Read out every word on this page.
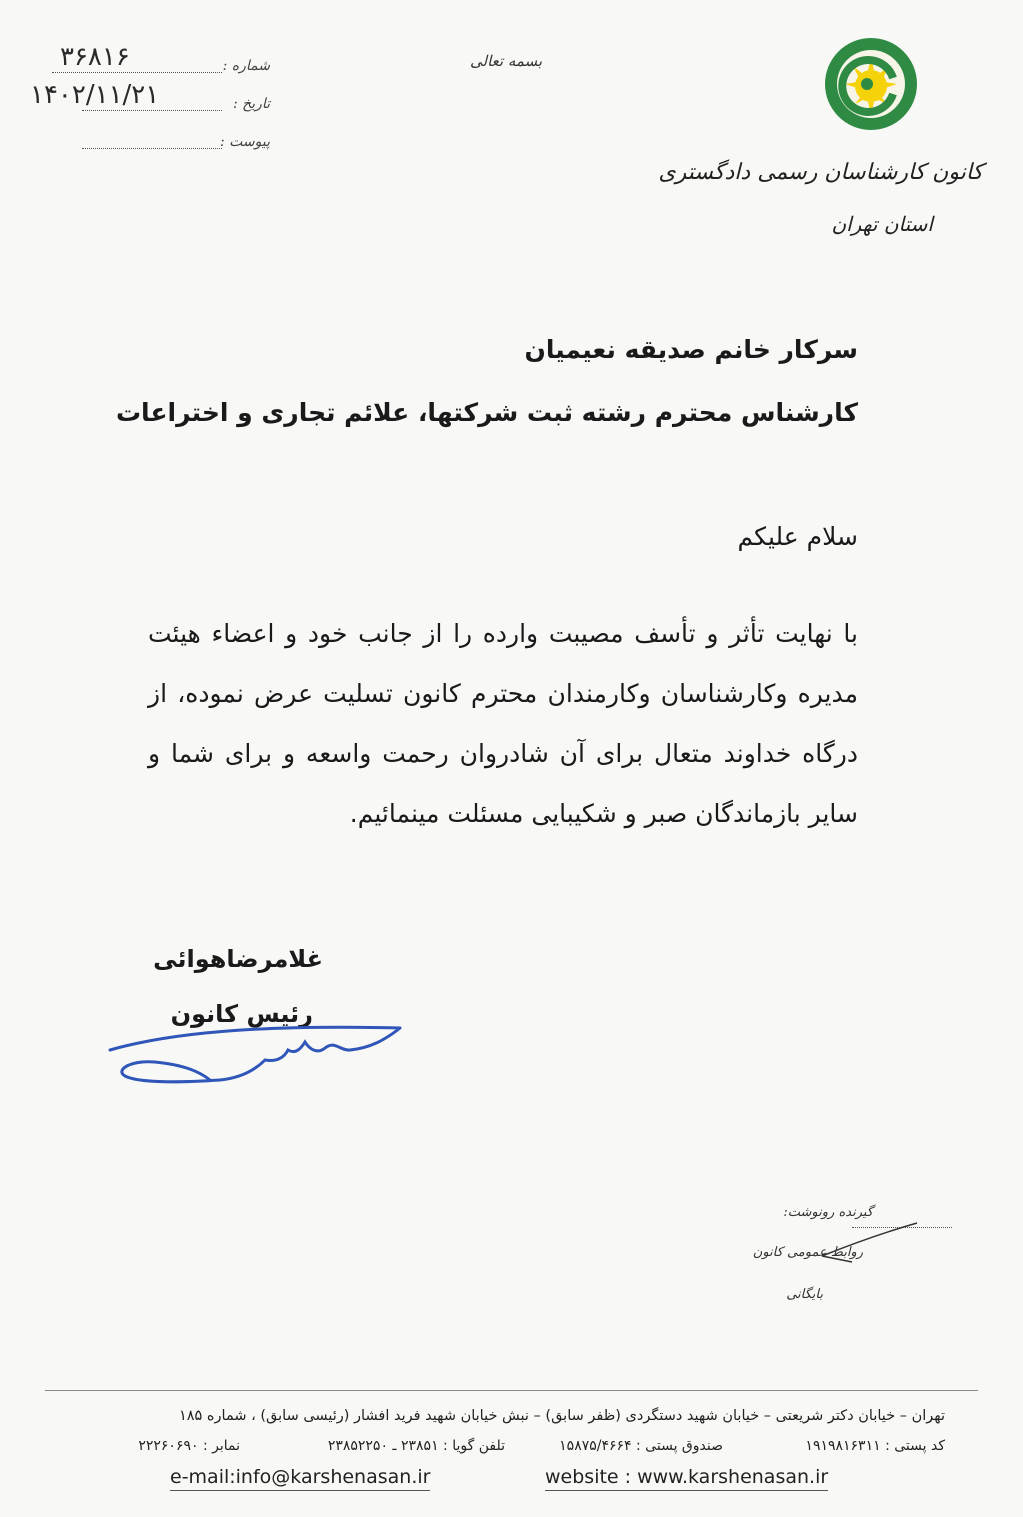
بسمه تعالی
۳۶۸۱۶	شماره :
۱۴۰۲/۱۱/۲۱	تاریخ :
پیوست :
کانون کارشناسان رسمی دادگستری
استان تهران
سرکار خانم صدیقه نعیمیان
کارشناس محترم رشته ثبت شرکتها، علائم تجاری و اختراعات
سلام علیکم
با نهایت تأثر و تأسف مصیبت وارده را از جانب خود و اعضاء هیئت مدیره وکارشناسان وکارمندان محترم کانون تسلیت عرض نموده، از درگاه خداوند متعال برای آن شادروان رحمت واسعه و برای شما و سایر بازماندگان صبر و شکیبایی مسئلت مینمائیم.
غلامرضاهوائی
رئیس کانون
گیرنده رونوشت:
روابط عمومی کانون
بایگانی
تهران – خیابان دکتر شریعتی – خیابان شهید دستگردی (ظفر سابق) – نبش خیابان شهید فرید افشار (رئیسی سابق) ، شماره ۱۸۵
کد پستی : ۱۹۱۹۸۱۶۳۱۱
صندوق پستی : ۱۵۸۷۵/۴۶۶۴
تلفن گویا : ۲۳۸۵۱ ـ ۲۳۸۵۲۲۵۰
نمابر : ۲۲۲۶۰۶۹۰
website : www.karshenasan.ir
e-mail:info@karshenasan.ir
